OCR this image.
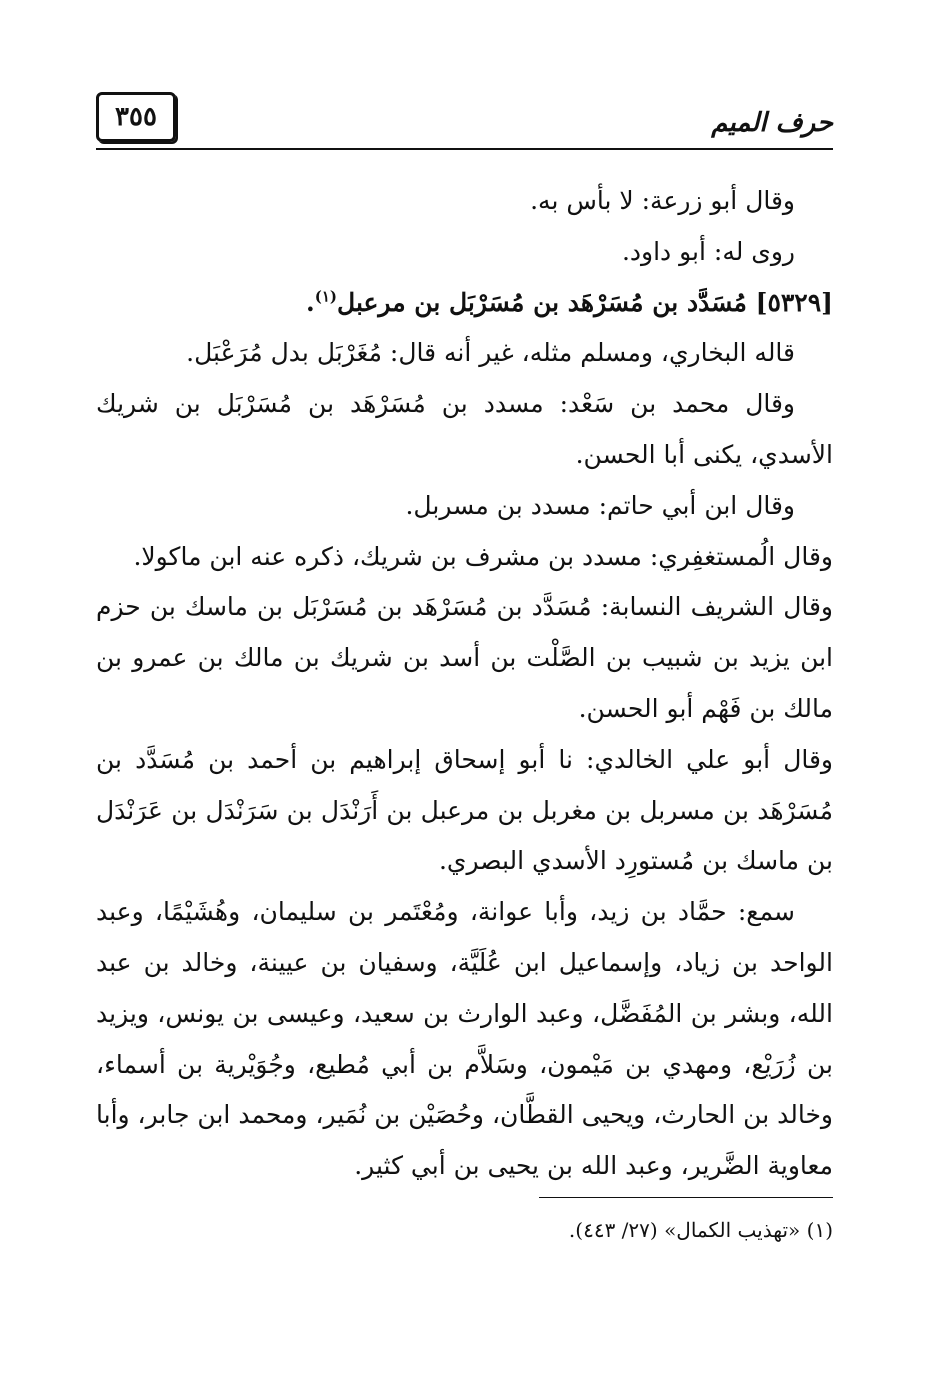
٣٥٥	حرف الميم

وقال أبو زرعة: لا بأس به.

روى له: أبو داود.

[٥٣٢٩] مُسَدَّد بن مُسَرْهَد بن مُسَرْبَل بن مرعبل$^{(١)}$.

قاله البخاري، ومسلم مثله، غير أنه قال: مُغَرْبَل بدل مُرَعْبَل.

وقال محمد بن سَعْد: مسدد بن مُسَرْهَد بن مُسَرْبَل بن شريك الأسدي، يكنى أبا الحسن.

وقال ابن أبي حاتم: مسدد بن مسربل.

وقال الُمستغفِري: مسدد بن مشرف بن شريك، ذكره عنه ابن ماكولا.

وقال الشريف النسابة: مُسَدَّد بن مُسَرْهَد بن مُسَرْبَل بن ماسك بن حزم ابن يزيد بن شبيب بن الصَّلْت بن أسد بن شريك بن مالك بن عمرو بن مالك بن فَهْم أبو الحسن.

وقال أبو علي الخالدي: نا أبو إسحاق إبراهيم بن أحمد بن مُسَدَّد بن مُسَرْهَد بن مسربل بن مغربل بن مرعبل بن أَرَنْدَل بن سَرَنْدَل بن عَرَنْدَل بن ماسك بن مُستورِد الأسدي البصري.

سمع: حمَّاد بن زيد، وأبا عوانة، ومُعْتَمر بن سليمان، وهُشَيْمًا، وعبد الواحد بن زياد، وإسماعيل ابن عُلَيَّة، وسفيان بن عيينة، وخالد بن عبد الله، وبشر بن المُفَضَّل، وعبد الوارث بن سعيد، وعيسى بن يونس، ويزيد بن زُرَيْع، ومهدي بن مَيْمون، وسَلاَّم بن أبي مُطيع، وجُوَيْرية بن أسماء، وخالد بن الحارث، ويحيى القطَّان، وحُصَيْن بن نُمَير، ومحمد ابن جابر، وأبا معاوية الضَّرير، وعبد الله بن يحيى بن أبي كثير.

(١) «تهذيب الكمال» (٢٧/ ٤٤٣).
